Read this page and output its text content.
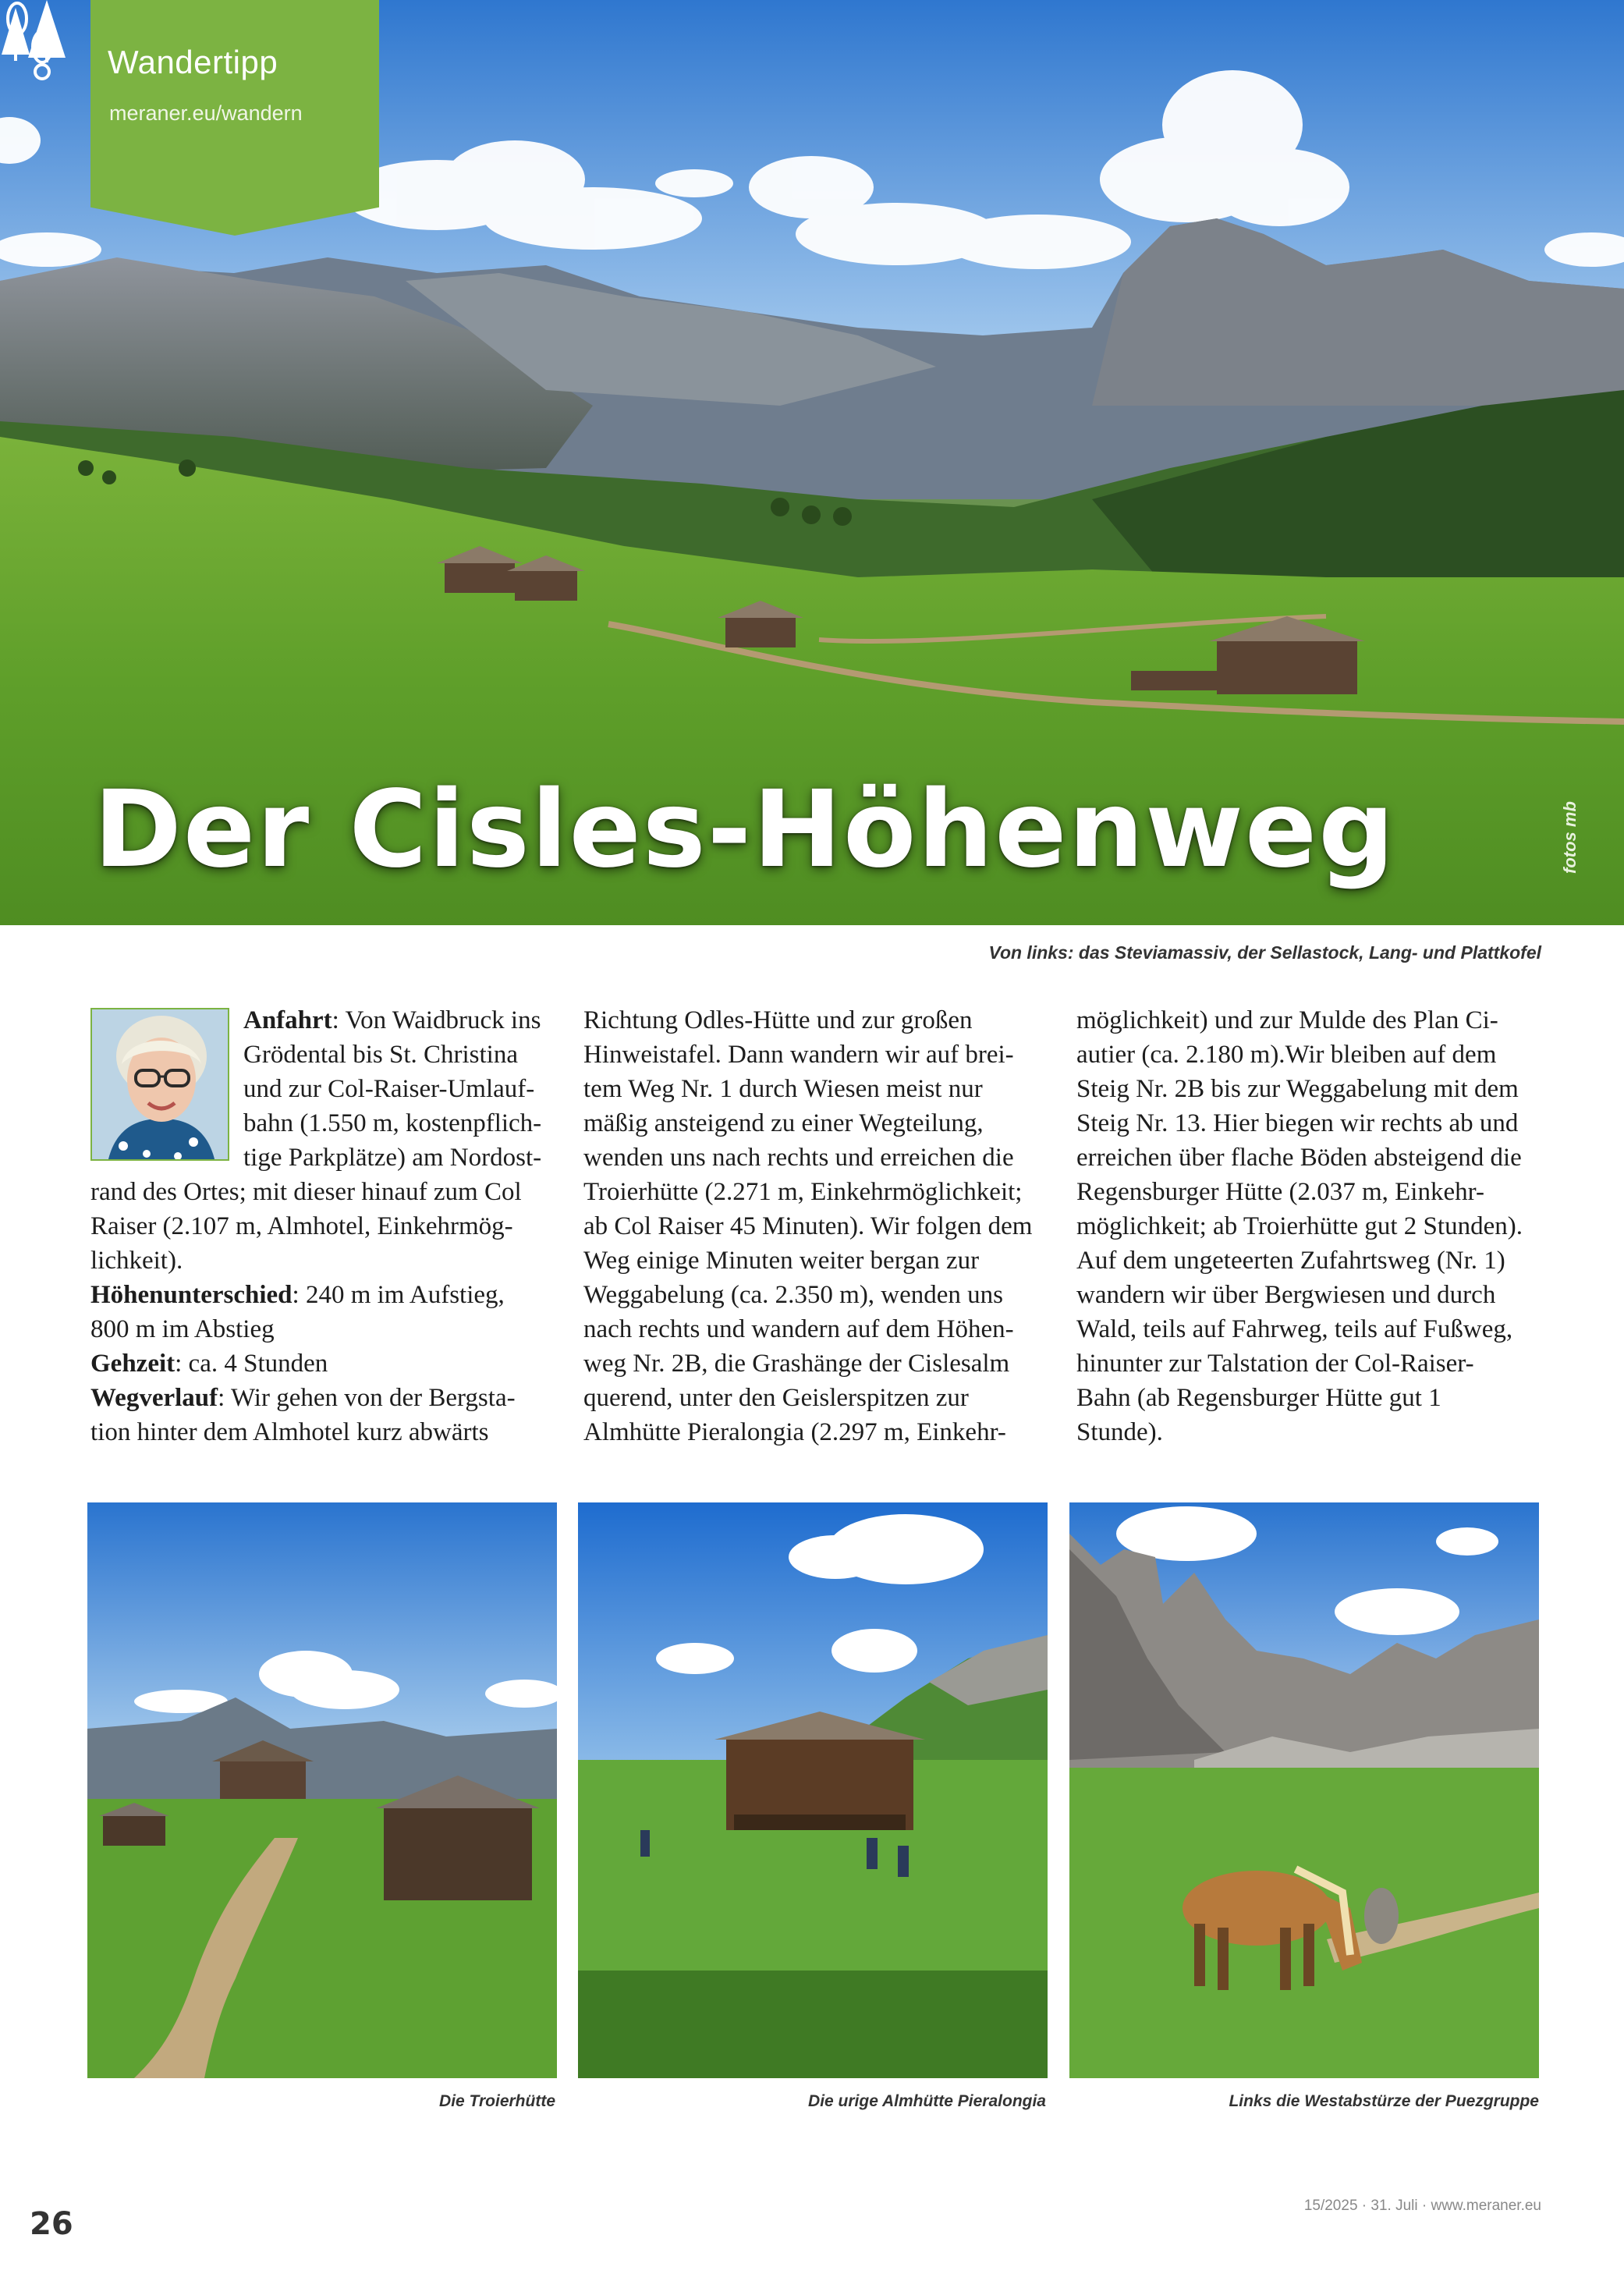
Wandertipp
meraner.eu/wandern
Der Cisles-Höhenweg	fotos mb
Von links: das Steviamassiv, der Sellastock, Lang- und Plattkofel
Anfahrt: Von Waidbruck ins
Grödental bis St. Christina
und zur Col-Raiser-Umlauf-
bahn (1.550 m, kostenpflich-
tige Parkplätze) am Nordost-
rand des Ortes; mit dieser hinauf zum Col
Raiser (2.107 m, Almhotel, Einkehrmög-
lichkeit).
Höhenunterschied: 240 m im Aufstieg,
800 m im Abstieg
Gehzeit: ca. 4 Stunden
Wegverlauf: Wir gehen von der Bergsta-
tion hinter dem Almhotel kurz abwärts
Richtung Odles-Hütte und zur großen
Hinweistafel. Dann wandern wir auf brei-
tem Weg Nr. 1 durch Wiesen meist nur
mäßig ansteigend zu einer Wegteilung,
wenden uns nach rechts und erreichen die
Troierhütte (2.271 m, Einkehrmöglichkeit;
ab Col Raiser 45 Minuten). Wir folgen dem
Weg einige Minuten weiter bergan zur
Weggabelung (ca. 2.350 m), wenden uns
nach rechts und wandern auf dem Höhen-
weg Nr. 2B, die Grashänge der Cislesalm
querend, unter den Geislerspitzen zur
Almhütte Pieralongia (2.297 m, Einkehr-
möglichkeit) und zur Mulde des Plan Ci-
autier (ca. 2.180 m).Wir bleiben auf dem
Steig Nr. 2B bis zur Weggabelung mit dem
Steig Nr. 13. Hier biegen wir rechts ab und
erreichen über flache Böden absteigend die
Regensburger Hütte (2.037 m, Einkehr-
möglichkeit; ab Troierhütte gut 2 Stunden).
Auf dem ungeteerten Zufahrtsweg (Nr. 1)
wandern wir über Bergwiesen und durch
Wald, teils auf Fahrweg, teils auf Fußweg,
hinunter zur Talstation der Col-Raiser-
Bahn (ab Regensburger Hütte gut 1
Stunde).
Die Troierhütte	Die urige Almhütte Pieralongia	Links die Westabstürze der Puezgruppe
26
15/2025 · 31. Juli · www.meraner.eu
